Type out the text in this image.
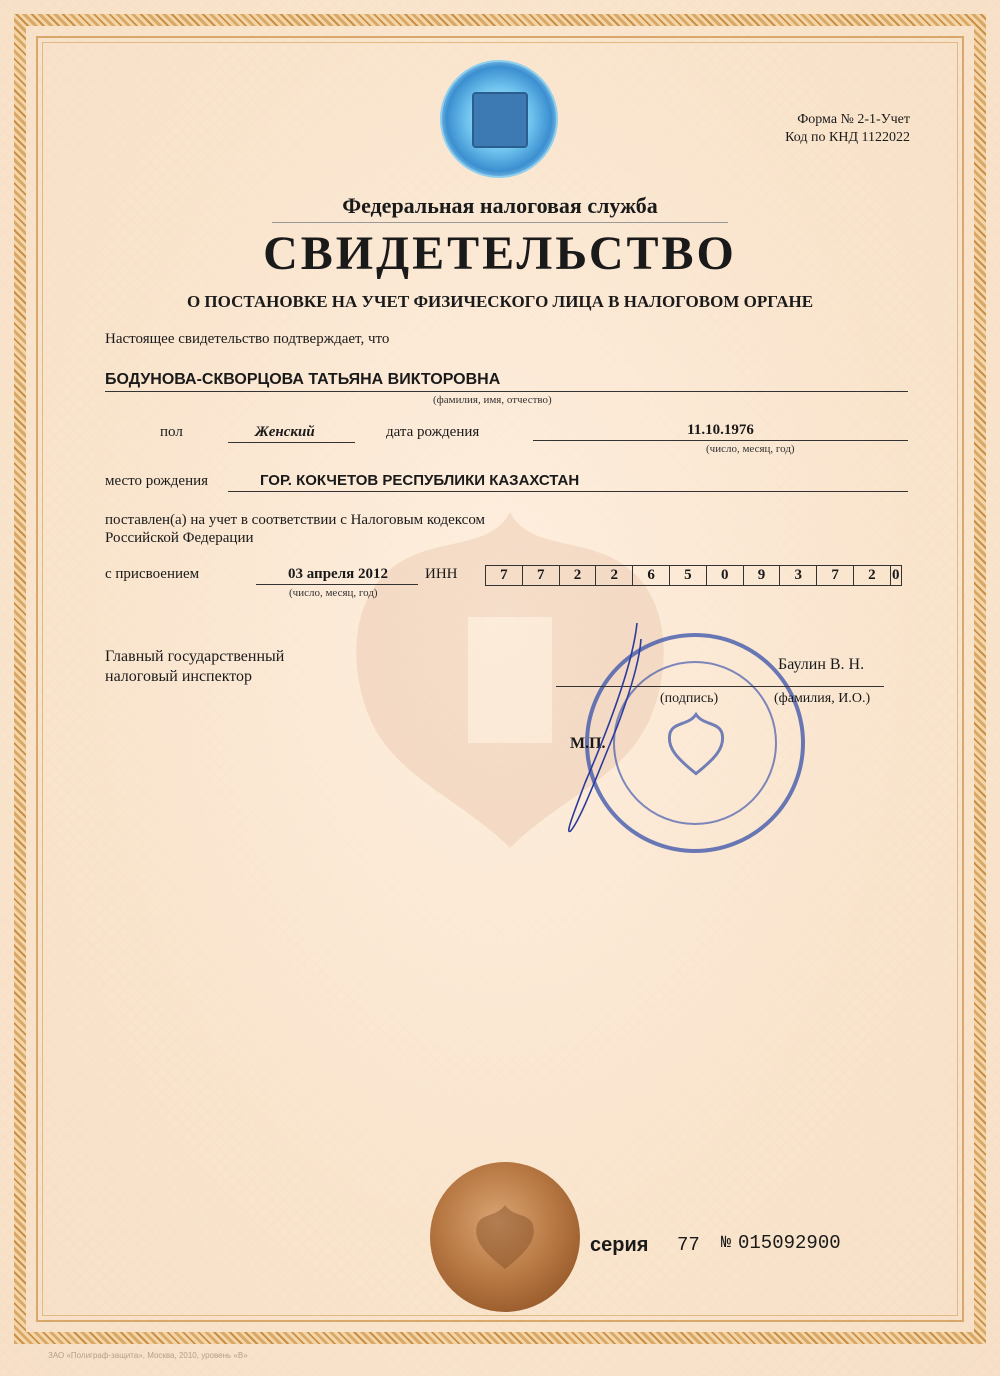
Форма № 2-1-Учет
Код по КНД 1122022
Федеральная налоговая служба
СВИДЕТЕЛЬСТВО
О ПОСТАНОВКЕ НА УЧЕТ ФИЗИЧЕСКОГО ЛИЦА В НАЛОГОВОМ ОРГАНЕ
Настоящее свидетельство подтверждает, что
БОДУНОВА-СКВОРЦОВА ТАТЬЯНА ВИКТОРОВНА
(фамилия, имя, отчество)
пол	Женский	дата рождения	11.10.1976
(число, месяц, год)
место рождения	ГОР. КОКЧЕТОВ РЕСПУБЛИКИ КАЗАХСТАН
поставлен(а) на учет в соответствии с Налоговым кодексом
Российской Федерации
с присвоением	03 апреля 2012
(число, месяц, год)
ИНН	7	7	2	2	6	5	0	9	3	7	2	0
Главный государственный
налоговый инспектор
Баулин В. Н.
(подпись)	(фамилия, И.О.)
М.П.
серия 77 № 015092900
ЗАО «Полиграф-защита», Москва, 2010, уровень «В»
